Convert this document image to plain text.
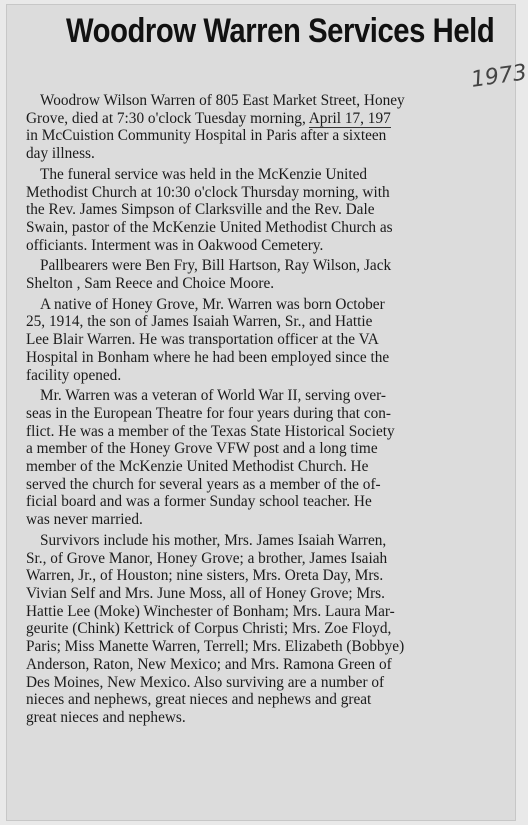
Woodrow Warren Services Held
1973

Woodrow Wilson Warren of 805 East Market Street, Honey
Grove, died at 7:30 o'clock Tuesday morning, April 17, 197
in McCuistion Community Hospital in Paris after a sixteen
day illness.

The funeral service was held in the McKenzie United
Methodist Church at 10:30 o'clock Thursday morning, with
the Rev. James Simpson of Clarksville and the Rev. Dale
Swain, pastor of the McKenzie United Methodist Church as
officiants. Interment was in Oakwood Cemetery.

Pallbearers were Ben Fry, Bill Hartson, Ray Wilson, Jack
Shelton , Sam Reece and Choice Moore.

A native of Honey Grove, Mr. Warren was born October
25, 1914, the son of James Isaiah Warren, Sr., and Hattie
Lee Blair Warren. He was transportation officer at the VA
Hospital in Bonham where he had been employed since the
facility opened.

Mr. Warren was a veteran of World War II, serving over-
seas in the European Theatre for four years during that con-
flict. He was a member of the Texas State Historical Society
a member of the Honey Grove VFW post and a long time
member of the McKenzie United Methodist Church. He
served the church for several years as a member of the of-
ficial board and was a former Sunday school teacher. He
was never married.

Survivors include his mother, Mrs. James Isaiah Warren,
Sr., of Grove Manor, Honey Grove; a brother, James Isaiah
Warren, Jr., of Houston; nine sisters, Mrs. Oreta Day, Mrs.
Vivian Self and Mrs. June Moss, all of Honey Grove; Mrs.
Hattie Lee (Moke) Winchester of Bonham; Mrs. Laura Mar-
geurite (Chink) Kettrick of Corpus Christi; Mrs. Zoe Floyd,
Paris; Miss Manette Warren, Terrell; Mrs. Elizabeth (Bobbye)
Anderson, Raton, New Mexico; and Mrs. Ramona Green of
Des Moines, New Mexico. Also surviving are a number of
nieces and nephews, great nieces and nephews and great
great nieces and nephews.
